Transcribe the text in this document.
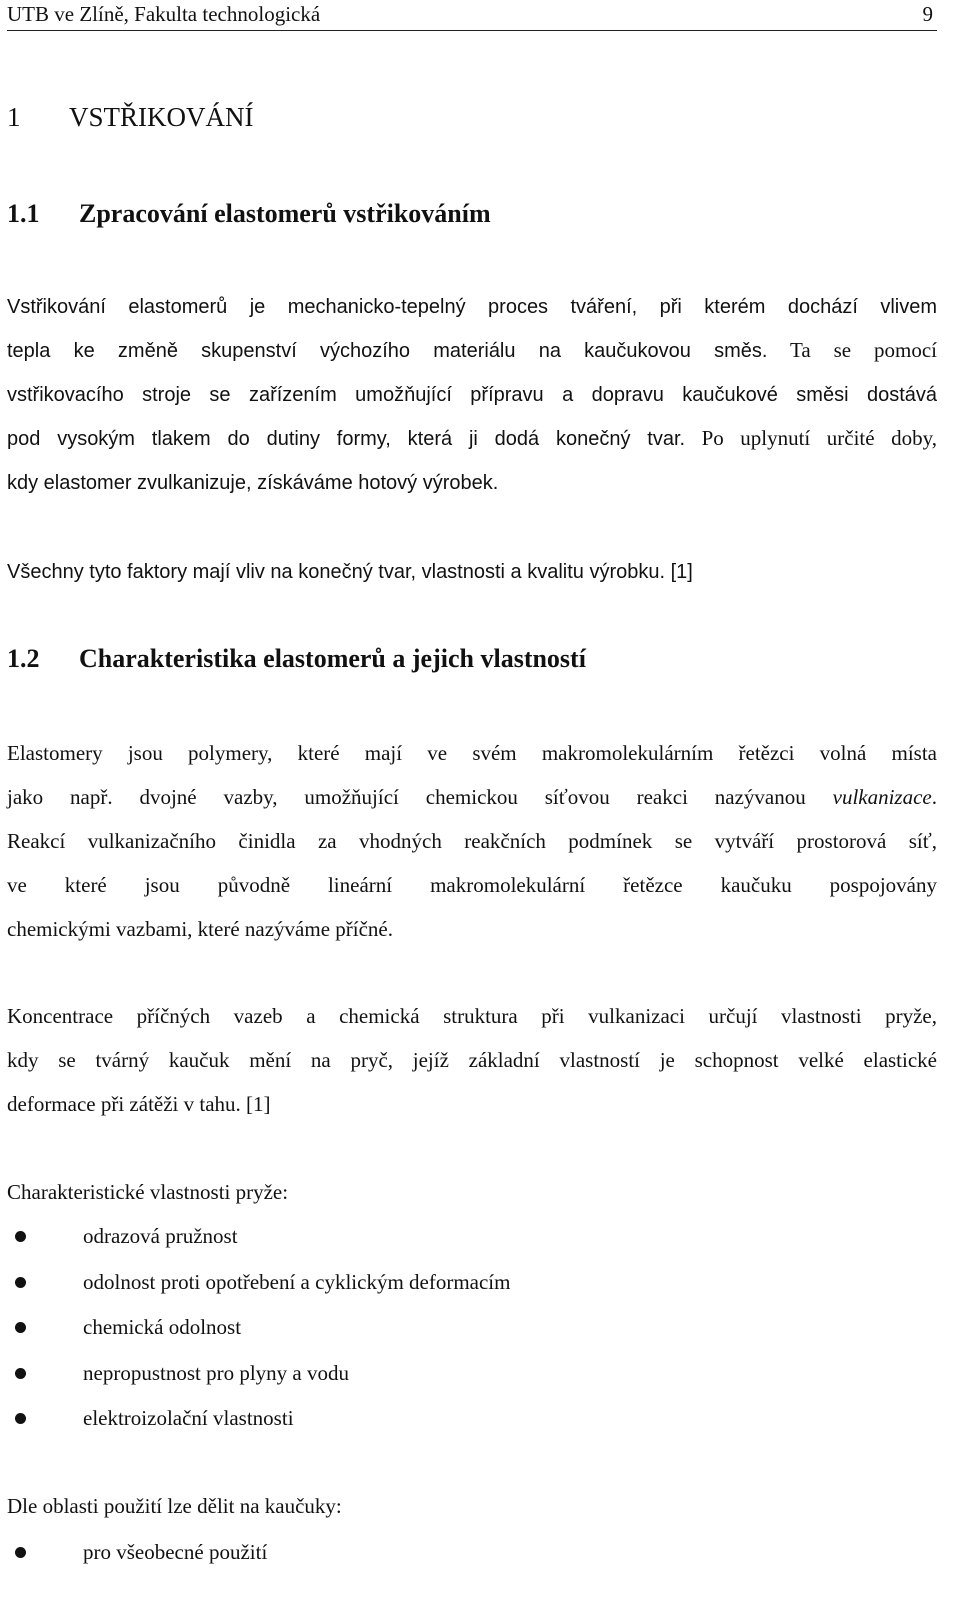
UTB ve Zlíně, Fakulta technologická	9
1 VSTŘIKOVÁNÍ
1.1 Zpracování elastomerů vstřikováním
Vstřikování elastomerů je mechanicko-tepelný proces tváření, při kterém dochází vlivem
tepla ke změně skupenství výchozího materiálu na kaučukovou směs. Ta se pomocí
vstřikovacího stroje se zařízením umožňující přípravu a dopravu kaučukové směsi dostává
pod vysokým tlakem do dutiny formy, která ji dodá konečný tvar. Po uplynutí určité doby,
kdy elastomer zvulkanizuje, získáváme hotový výrobek.
Všechny tyto faktory mají vliv na konečný tvar, vlastnosti a kvalitu výrobku. [1]
1.2 Charakteristika elastomerů a jejich vlastností
Elastomery jsou polymery, které mají ve svém makromolekulárním řetězci volná místa
jako např. dvojné vazby, umožňující chemickou síťovou reakci nazývanou vulkanizace.
Reakcí vulkanizačního činidla za vhodných reakčních podmínek se vytváří prostorová síť,
ve které jsou původně lineární makromolekulární řetězce kaučuku pospojovány
chemickými vazbami, které nazýváme příčné.
Koncentrace příčných vazeb a chemická struktura při vulkanizaci určují vlastnosti pryže,
kdy se tvárný kaučuk mění na pryč, jejíž základní vlastností je schopnost velké elastické
deformace při zátěži v tahu. [1]
Charakteristické vlastnosti pryže:
odrazová pružnost
odolnost proti opotřebení a cyklickým deformacím
chemická odolnost
nepropustnost pro plyny a vodu
elektroizolační vlastnosti
Dle oblasti použití lze dělit na kaučuky:
pro všeobecné použití
